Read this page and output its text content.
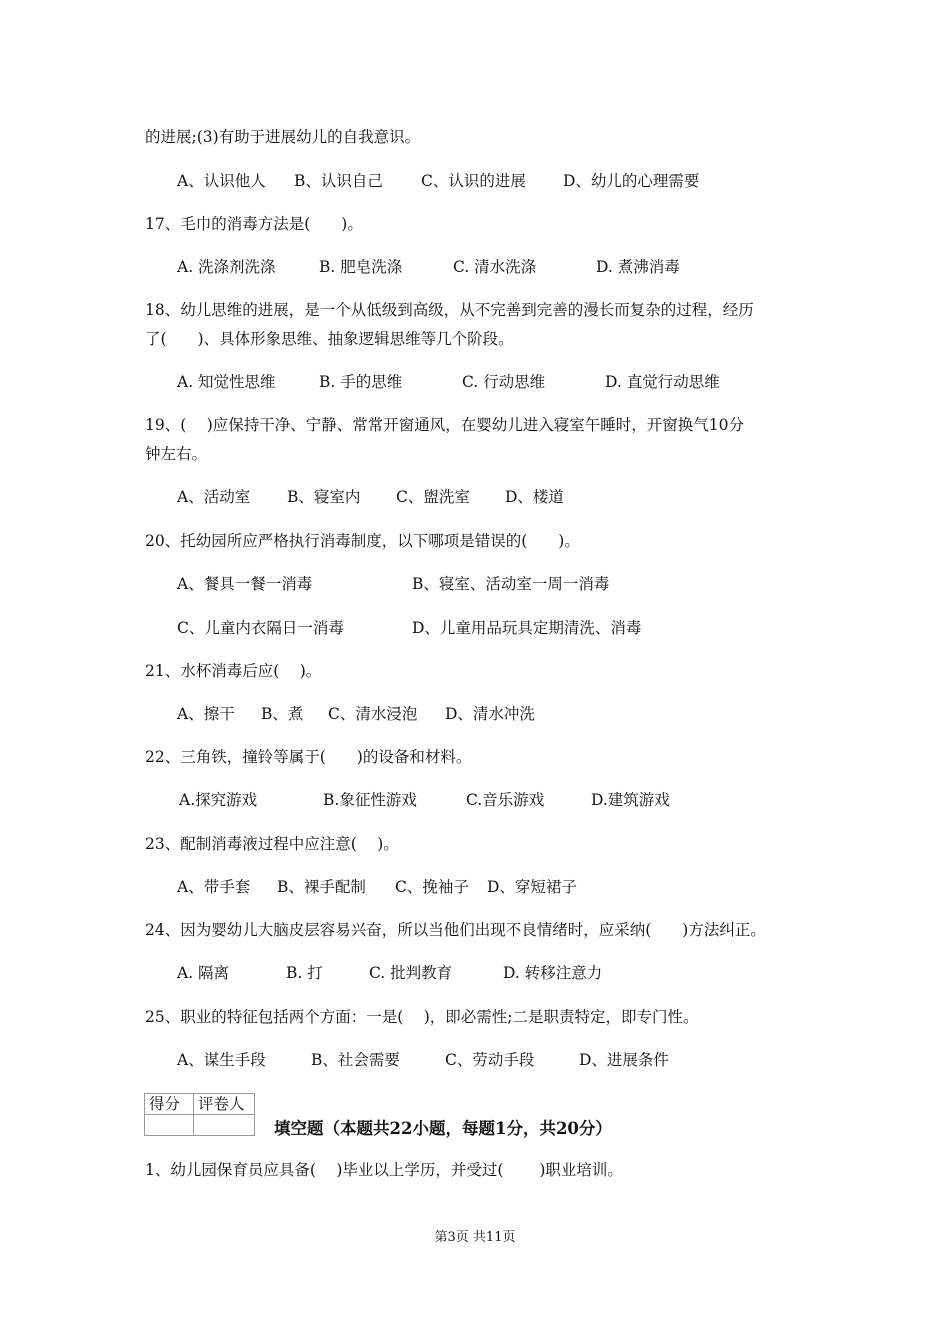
的进展;(3)有助于进展幼儿的自我意识。
A、认识他人 B、认识自己 C、认识的进展 D、幼儿的心理需要
17、毛巾的消毒方法是(　　)。
A. 洗涤剂洗涤	B. 肥皂洗涤	C. 清水洗涤	D. 煮沸消毒
18、幼儿思维的进展，是一个从低级到高级，从不完善到完善的漫长而复杂的过程，经历
了(　　)、具体形象思维、抽象逻辑思维等几个阶段。
A. 知觉性思维	B. 手的思维	C. 行动思维	D. 直觉行动思维
19、(　 )应保持干净、宁静、常常开窗通风，在婴幼儿进入寝室午睡时，开窗换气10分
钟左右。
A、活动室 B、寝室内 C、盥洗室 D、楼道
20、托幼园所应严格执行消毒制度，以下哪项是错误的(　　)。
A、餐具一餐一消毒	B、寝室、活动室一周一消毒
C、儿童内衣隔日一消毒	D、儿童用品玩具定期清洗、消毒
21、水杯消毒后应(　 )。
A、擦干 B、煮 C、清水浸泡 D、清水冲洗
22、三角铁，撞铃等属于(　　)的设备和材料。
A.探究游戏	B.象征性游戏	C.音乐游戏	D.建筑游戏
23、配制消毒液过程中应注意(　 )。
A、带手套 B、裸手配制 C、挽袖子 D、穿短裙子
24、因为婴幼儿大脑皮层容易兴奋，所以当他们出现不良情绪时，应采纳(　　)方法纠正。
A. 隔离	B. 打	C. 批判教育	D. 转移注意力
25、职业的特征包括两个方面：一是(　 )，即必需性;二是职责特定，即专门性。
A、谋生手段	B、社会需要	C、劳动手段	D、进展条件
得分	评卷人

填空题（本题共22小题，每题1分，共20分）
1、幼儿园保育员应具备(　 )毕业以上学历，并受过(　　 )职业培训。
第3页 共11页
